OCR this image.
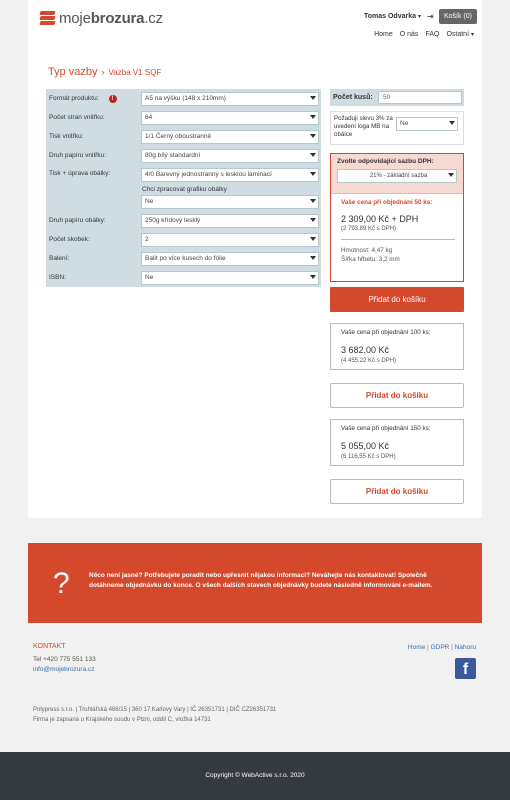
mojebrozura.cz	Tomas Odvarka ▾ ⇥	Košík (0)
Home O nás FAQ Ostatní ▾
Typ vazby › Vazba V1 SQF
Formát produktu:	!	A5 na výšku (148 x 210mm)
Počet stran vnitřku:	64
Tisk vnitřku:	1/1 Černý oboustranně
Druh papíru vnitřku:	80g bílý standardní
Tisk + úprava obálky:	4/0 Barevný jednostranný s lesklou laminací
Chci zpracovat grafiku obálky
Ne
Druh papíru obálky:	250g křídový lesklý
Počet skobek:	2
Balení:	Balit po více kusech do fólie
ISBN:	Ne
Počet kusů:
50
Požaduji slevu 3% za uvedení loga MB na obálce
Ne
Zvolte odpovídající sazbu DPH:
21% - základní sazba
Vaše cena při objednání 50 ks:
2 309,00 Kč + DPH
(2 793,89 Kč s DPH)
Hmotnost: 4,47 kg
Šířka hřbetu: 3,2 mm
Přidat do košíku
Vaše cena při objednání 100 ks:
3 682,00 Kč
(4 455,22 Kč s DPH)
Přidat do košíku
Vaše cena při objednání 150 ks:
5 055,00 Kč
(6 116,55 Kč s DPH)
Přidat do košíku
?	Něco není jasné? Potřebujete poradit nebo upřesnit nějakou informaci? Neváhejte nás kontaktovat! Společně dotáhneme objednávku do konce. O všech dalších stavech objednávky budete následně informováni e-mailem.
KONTAKT
Tel +420 775 551 133
info@mojebrozura.cz
Home | GDPR | Nahoru
f
Polypress s.r.o. | Truhlářská 486/15 | 360 17 Karlovy Vary | IČ 26351731 | DIČ CZ26351731
Firma je zapsaná u Krajského soudu v Plzni, oddíl C, vložka 14731
Copyright © WebActive s.r.o. 2020
